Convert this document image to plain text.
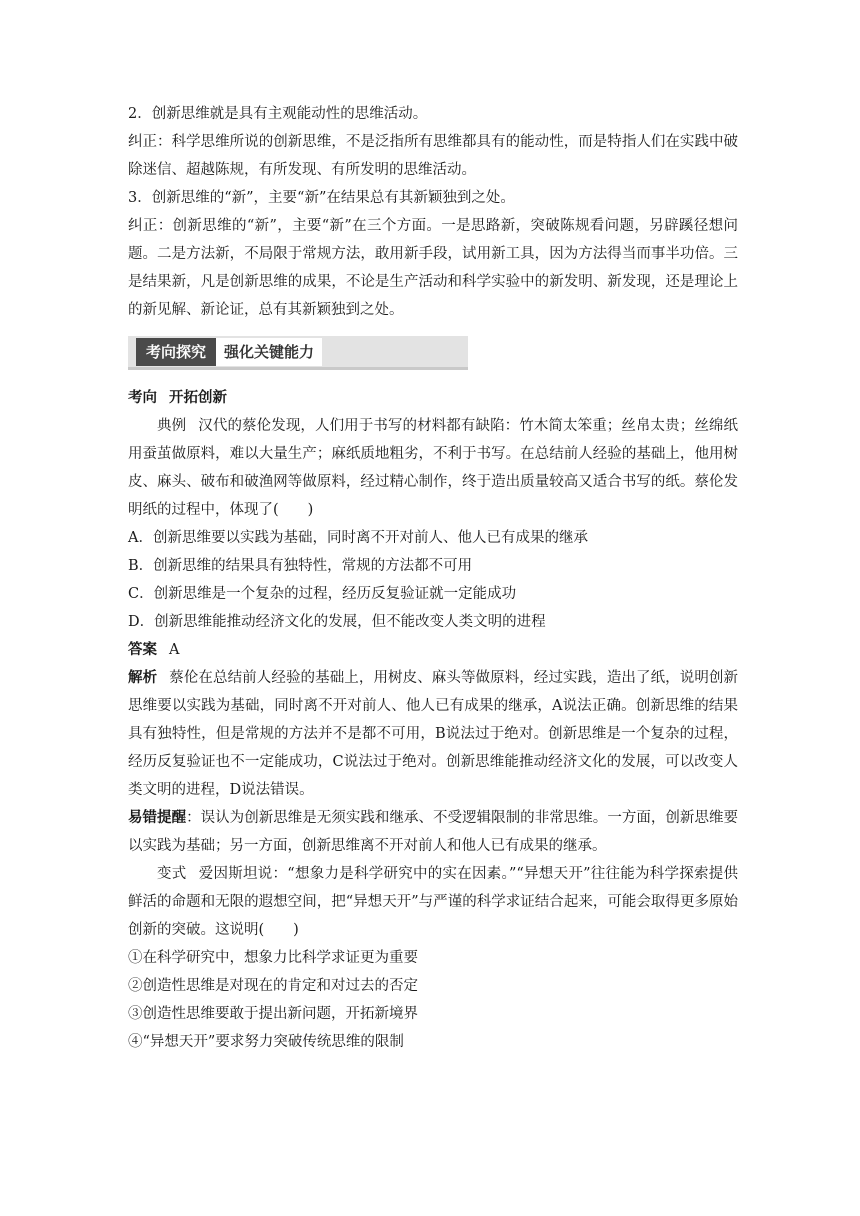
2．创新思维就是具有主观能动性的思维活动。

纠正：科学思维所说的创新思维，不是泛指所有思维都具有的能动性，而是特指人们在实践中破除迷信、超越陈规，有所发现、有所发明的思维活动。

3．创新思维的“新”，主要“新”在结果总有其新颖独到之处。

纠正：创新思维的“新”，主要“新”在三个方面。一是思路新，突破陈规看问题，另辟蹊径想问题。二是方法新，不局限于常规方法，敢用新手段，试用新工具，因为方法得当而事半功倍。三是结果新，凡是创新思维的成果，不论是生产活动和科学实验中的新发明、新发现，还是理论上的新见解、新论证，总有其新颖独到之处。

考向探究	强化关键能力

考向 开拓创新

典例 汉代的蔡伦发现，人们用于书写的材料都有缺陷：竹木简太笨重；丝帛太贵；丝绵纸用蚕茧做原料，难以大量生产；麻纸质地粗劣，不利于书写。在总结前人经验的基础上，他用树皮、麻头、破布和破渔网等做原料，经过精心制作，终于造出质量较高又适合书写的纸。蔡伦发明纸的过程中，体现了(　　)

A．创新思维要以实践为基础，同时离不开对前人、他人已有成果的继承

B．创新思维的结果具有独特性，常规的方法都不可用

C．创新思维是一个复杂的过程，经历反复验证就一定能成功

D．创新思维能推动经济文化的发展，但不能改变人类文明的进程

答案 A

解析 蔡伦在总结前人经验的基础上，用树皮、麻头等做原料，经过实践，造出了纸，说明创新思维要以实践为基础，同时离不开对前人、他人已有成果的继承，A说法正确。创新思维的结果具有独特性，但是常规的方法并不是都不可用，B说法过于绝对。创新思维是一个复杂的过程，经历反复验证也不一定能成功，C说法过于绝对。创新思维能推动经济文化的发展，可以改变人类文明的进程，D说法错误。

易错提醒：误认为创新思维是无须实践和继承、不受逻辑限制的非常思维。一方面，创新思维要以实践为基础；另一方面，创新思维离不开对前人和他人已有成果的继承。

变式 爱因斯坦说：“想象力是科学研究中的实在因素。”“异想天开”往往能为科学探索提供鲜活的命题和无限的遐想空间，把“异想天开”与严谨的科学求证结合起来，可能会取得更多原始创新的突破。这说明(　　)

①在科学研究中，想象力比科学求证更为重要

②创造性思维是对现在的肯定和对过去的否定

③创造性思维要敢于提出新问题，开拓新境界

④“异想天开”要求努力突破传统思维的限制
